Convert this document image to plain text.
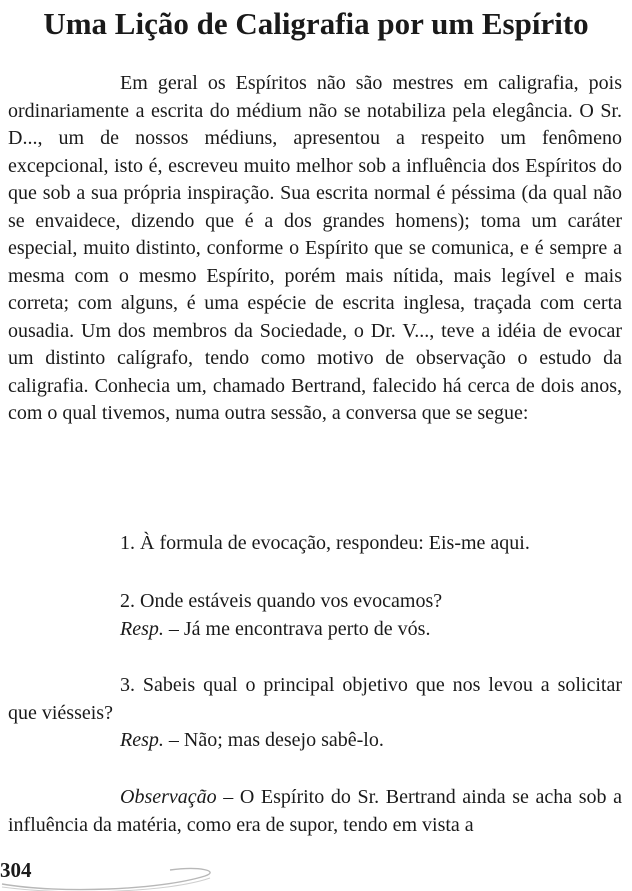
Uma Lição de Caligrafia por um Espírito

Em geral os Espíritos não são mestres em caligrafia, pois ordinariamente a escrita do médium não se notabiliza pela elegância. O Sr. D..., um de nossos médiuns, apresentou a respeito um fenômeno excepcional, isto é, escreveu muito melhor sob a influência dos Espíritos do que sob a sua própria inspiração. Sua escrita normal é péssima (da qual não se envaidece, dizendo que é a dos grandes homens); toma um caráter especial, muito distinto, conforme o Espírito que se comunica, e é sempre a mesma com o mesmo Espírito, porém mais nítida, mais legível e mais correta; com alguns, é uma espécie de escrita inglesa, traçada com certa ousadia. Um dos membros da Sociedade, o Dr. V..., teve a idéia de evocar um distinto calígrafo, tendo como motivo de observação o estudo da caligrafia. Conhecia um, chamado Bertrand, falecido há cerca de dois anos, com o qual tivemos, numa outra sessão, a conversa que se segue:

1. À formula de evocação, respondeu: Eis-me aqui.

2. Onde estáveis quando vos evocamos?

Resp. – Já me encontrava perto de vós.

3. Sabeis qual o principal objetivo que nos levou a solicitar que viésseis?

Resp. – Não; mas desejo sabê-lo.

Observação – O Espírito do Sr. Bertrand ainda se acha sob a influência da matéria, como era de supor, tendo em vista a

304
